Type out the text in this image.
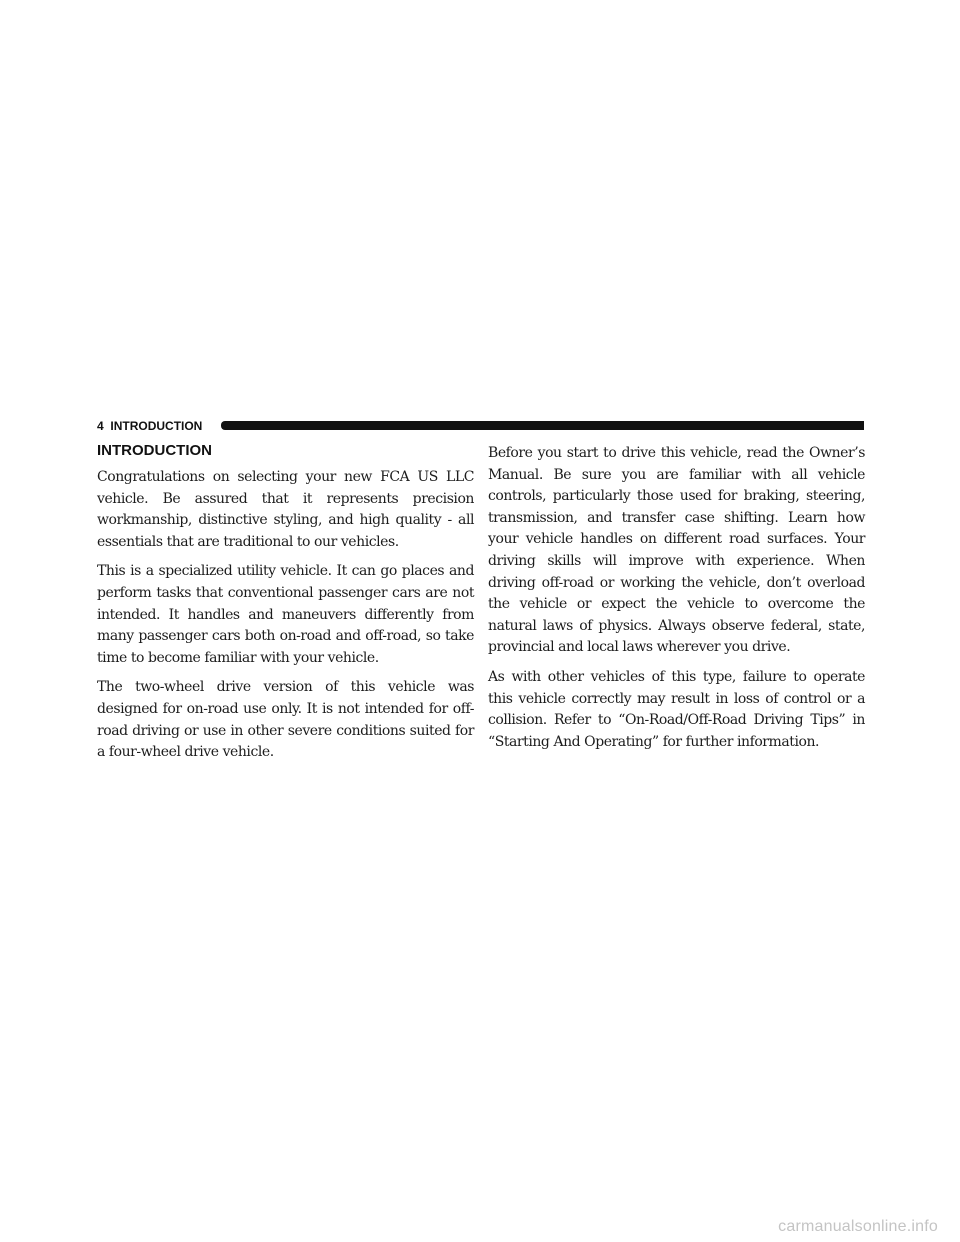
4 INTRODUCTION
INTRODUCTION

Congratulations on selecting your new FCA US LLC vehicle. Be assured that it represents precision workmanship, distinctive styling, and high quality - all essentials that are traditional to our vehicles.

This is a specialized utility vehicle. It can go places and perform tasks that conventional passenger cars are not intended. It handles and maneuvers differently from many passenger cars both on-road and off-road, so take time to become familiar with your vehicle.

The two-wheel drive version of this vehicle was designed for on-road use only. It is not intended for off-road driving or use in other severe conditions suited for a four-wheel drive vehicle.

Before you start to drive this vehicle, read the Owner’s Manual. Be sure you are familiar with all vehicle controls, particularly those used for braking, steering, transmission, and transfer case shifting. Learn how your vehicle handles on different road surfaces. Your driving skills will improve with experience. When driving off-road or working the vehicle, don’t overload the vehicle or expect the vehicle to overcome the natural laws of physics. Always observe federal, state, provincial and local laws wherever you drive.

As with other vehicles of this type, failure to operate this vehicle correctly may result in loss of control or a collision. Refer to “On-Road/Off-Road Driving Tips” in “Starting And Operating” for further information.

carmanualsonline.info
